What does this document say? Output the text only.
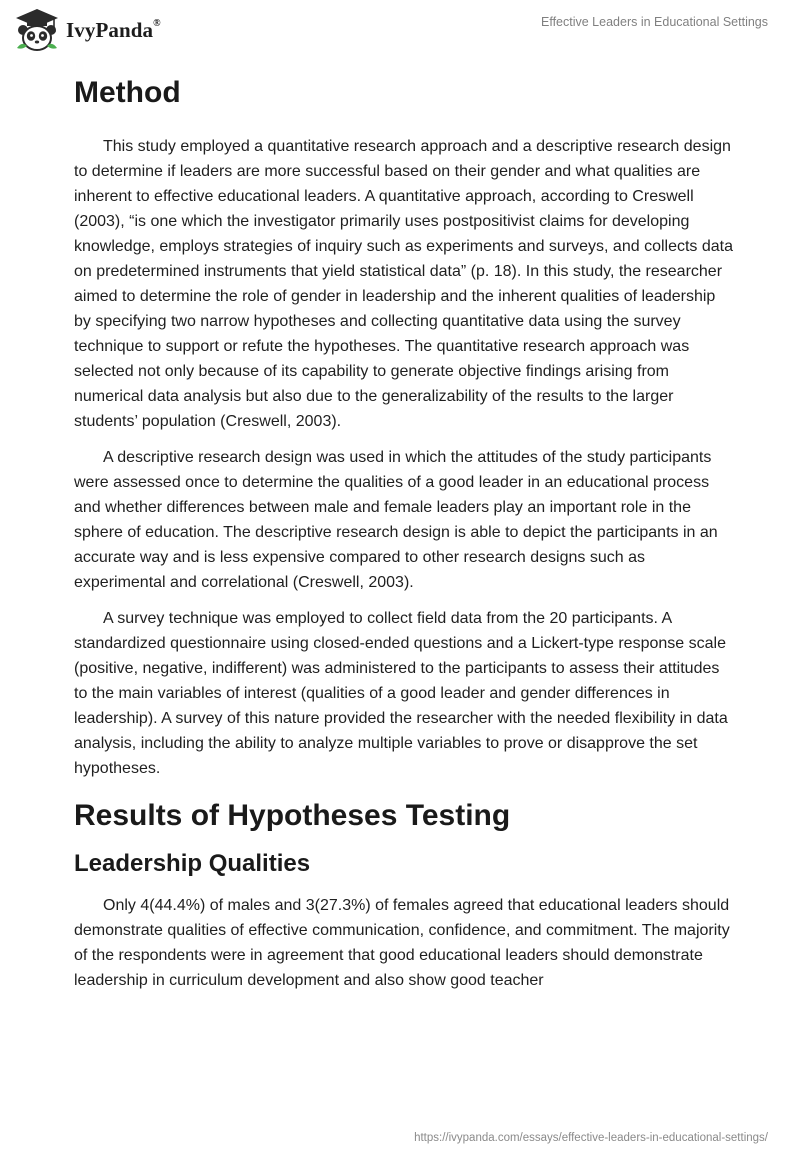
IvyPanda®	Effective Leaders in Educational Settings
Method

This study employed a quantitative research approach and a descriptive research design to determine if leaders are more successful based on their gender and what qualities are inherent to effective educational leaders. A quantitative approach, according to Creswell (2003), “is one which the investigator primarily uses postpositivist claims for developing knowledge, employs strategies of inquiry such as experiments and surveys, and collects data on predetermined instruments that yield statistical data” (p. 18). In this study, the researcher aimed to determine the role of gender in leadership and the inherent qualities of leadership by specifying two narrow hypotheses and collecting quantitative data using the survey technique to support or refute the hypotheses. The quantitative research approach was selected not only because of its capability to generate objective findings arising from numerical data analysis but also due to the generalizability of the results to the larger students’ population (Creswell, 2003).

A descriptive research design was used in which the attitudes of the study participants were assessed once to determine the qualities of a good leader in an educational process and whether differences between male and female leaders play an important role in the sphere of education. The descriptive research design is able to depict the participants in an accurate way and is less expensive compared to other research designs such as experimental and correlational (Creswell, 2003).

A survey technique was employed to collect field data from the 20 participants. A standardized questionnaire using closed-ended questions and a Lickert-type response scale (positive, negative, indifferent) was administered to the participants to assess their attitudes to the main variables of interest (qualities of a good leader and gender differences in leadership). A survey of this nature provided the researcher with the needed flexibility in data analysis, including the ability to analyze multiple variables to prove or disapprove the set hypotheses.

Results of Hypotheses Testing
Leadership Qualities

Only 4(44.4%) of males and 3(27.3%) of females agreed that educational leaders should demonstrate qualities of effective communication, confidence, and commitment. The majority of the respondents were in agreement that good educational leaders should demonstrate leadership in curriculum development and also show good teacher

https://ivypanda.com/essays/effective-leaders-in-educational-settings/
